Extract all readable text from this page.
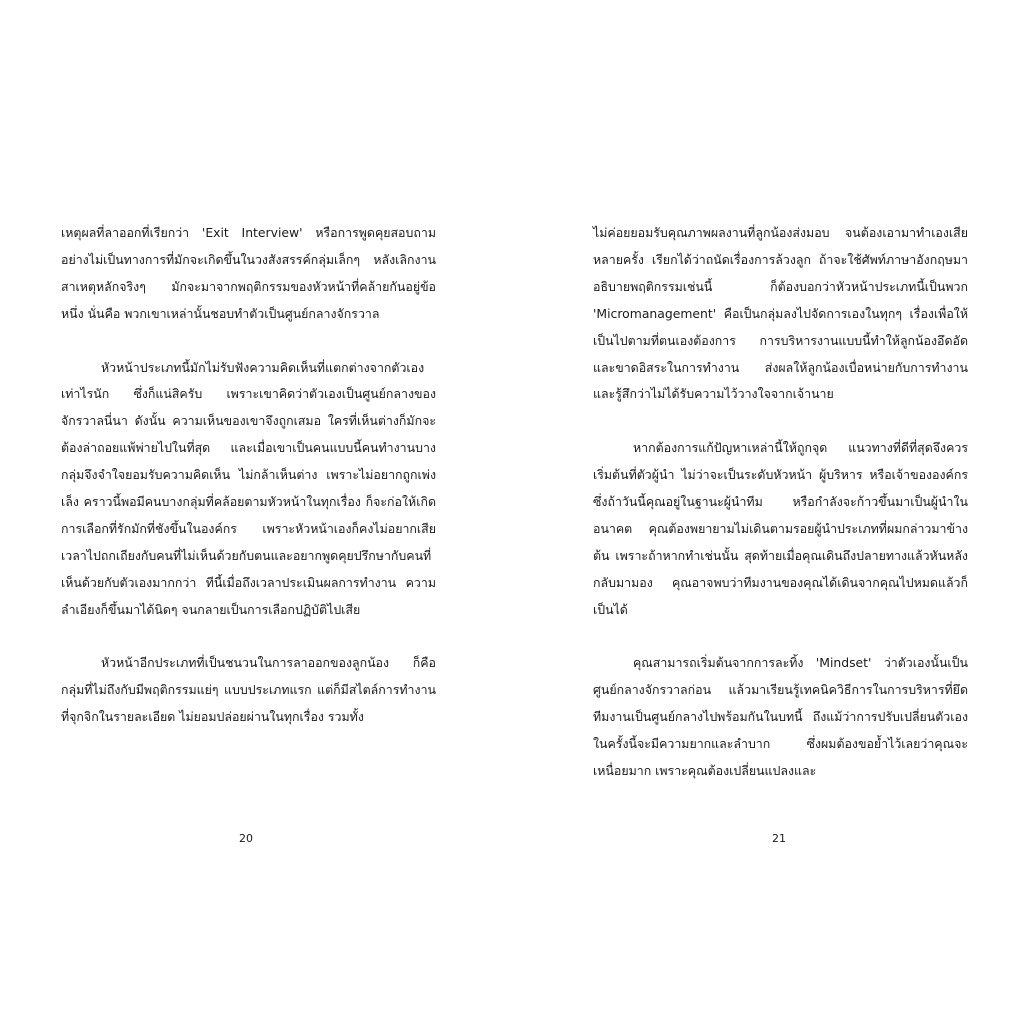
เหตุผลที่ลาออกที่เรียกว่า 'Exit Interview' หรือการพูดคุยสอบถามอย่างไม่เป็นทางการที่มักจะเกิดขึ้นในวงสังสรรค์กลุ่มเล็กๆ หลังเลิกงาน สาเหตุหลักจริงๆ มักจะมาจากพฤติกรรมของหัวหน้าที่คล้ายกันอยู่ข้อหนึ่ง นั่นคือ พวกเขาเหล่านั้นชอบทำตัวเป็นศูนย์กลางจักรวาล

หัวหน้าประเภทนี้มักไม่รับฟังความคิดเห็นที่แตกต่างจากตัวเองเท่าไรนัก ซึ่งก็แน่สิครับ เพราะเขาคิดว่าตัวเองเป็นศูนย์กลางของจักรวาลนี่นา ดังนั้น ความเห็นของเขาจึงถูกเสมอ ใครที่เห็นต่างก็มักจะต้องล่าถอยแพ้พ่ายไปในที่สุด และเมื่อเขาเป็นคนแบบนี้คนทำงานบางกลุ่มจึงจำใจยอมรับความคิดเห็น ไม่กล้าเห็นต่าง เพราะไม่อยากถูกเพ่งเล็ง คราวนี้พอมีคนบางกลุ่มที่คล้อยตามหัวหน้าในทุกเรื่อง ก็จะก่อให้เกิดการเลือกที่รักมักที่ชังขึ้นในองค์กร เพราะหัวหน้าเองก็คงไม่อยากเสียเวลาไปถกเถียงกับคนที่ไม่เห็นด้วยกับตนและอยากพูดคุยปรึกษากับคนที่เห็นด้วยกับตัวเองมากกว่า ทีนี้เมื่อถึงเวลาประเมินผลการทำงาน ความลำเอียงก็ขึ้นมาได้นิดๆ จนกลายเป็นการเลือกปฏิบัติไปเสีย

หัวหน้าอีกประเภทที่เป็นชนวนในการลาออกของลูกน้อง ก็คือกลุ่มที่ไม่ถึงกับมีพฤติกรรมแย่ๆ แบบประเภทแรก แต่ก็มีสไตล์การทำงานที่จุกจิกในรายละเอียด ไม่ยอมปล่อยผ่านในทุกเรื่อง รวมทั้ง

20

ไม่ค่อยยอมรับคุณภาพผลงานที่ลูกน้องส่งมอบ จนต้องเอามาทำเองเสียหลายครั้ง เรียกได้ว่าถนัดเรื่องการล้วงลูก ถ้าจะใช้ศัพท์ภาษาอังกฤษมาอธิบายพฤติกรรมเช่นนี้ ก็ต้องบอกว่าหัวหน้าประเภทนี้เป็นพวก 'Micromanagement' คือเป็นกลุ่มลงไปจัดการเองในทุกๆ เรื่องเพื่อให้เป็นไปตามที่ตนเองต้องการ การบริหารงานแบบนี้ทำให้ลูกน้องอึดอัดและขาดอิสระในการทำงาน ส่งผลให้ลูกน้องเบื่อหน่ายกับการทำงาน และรู้สึกว่าไม่ได้รับความไว้วางใจจากเจ้านาย

หากต้องการแก้ปัญหาเหล่านี้ให้ถูกจุด แนวทางที่ดีที่สุดจึงควรเริ่มต้นที่ตัวผู้นำ ไม่ว่าจะเป็นระดับหัวหน้า ผู้บริหาร หรือเจ้าขององค์กร ซึ่งถ้าวันนี้คุณอยู่ในฐานะผู้นำทีม หรือกำลังจะก้าวขึ้นมาเป็นผู้นำในอนาคต คุณต้องพยายามไม่เดินตามรอยผู้นำประเภทที่ผมกล่าวมาข้างต้น เพราะถ้าหากทำเช่นนั้น สุดท้ายเมื่อคุณเดินถึงปลายทางแล้วหันหลังกลับมามอง คุณอาจพบว่าทีมงานของคุณได้เดินจากคุณไปหมดแล้วก็เป็นได้

คุณสามารถเริ่มต้นจากการละทิ้ง 'Mindset' ว่าตัวเองนั้นเป็นศูนย์กลางจักรวาลก่อน แล้วมาเรียนรู้เทคนิควิธีการในการบริหารที่ยึดทีมงานเป็นศูนย์กลางไปพร้อมกันในบทนี้ ถึงแม้ว่าการปรับเปลี่ยนตัวเองในครั้งนี้จะมีความยากและลำบาก ซึ่งผมต้องขอย้ำไว้เลยว่าคุณจะเหนื่อยมาก เพราะคุณต้องเปลี่ยนแปลงและ

21
